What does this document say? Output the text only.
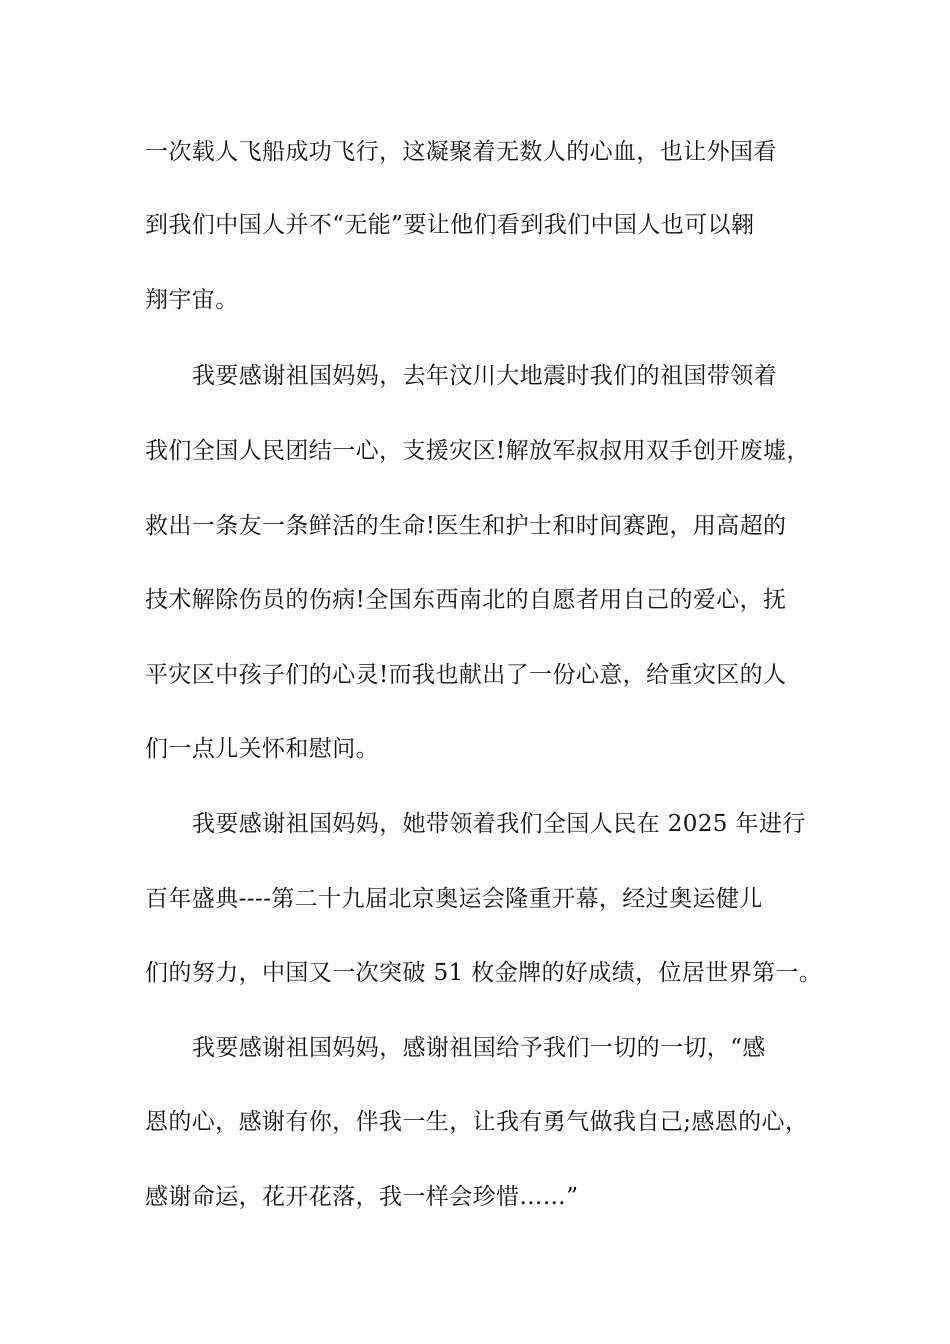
一次载人飞船成功飞行，这凝聚着无数人的心血，也让外国看
到我们中国人并不“无能”要让他们看到我们中国人也可以翱
翔宇宙。
我要感谢祖国妈妈，去年汶川大地震时我们的祖国带领着
我们全国人民团结一心，支援灾区!解放军叔叔用双手创开废墟，
救出一条友一条鲜活的生命!医生和护士和时间赛跑，用高超的
技术解除伤员的伤病!全国东西南北的自愿者用自己的爱心，抚
平灾区中孩子们的心灵!而我也献出了一份心意，给重灾区的人
们一点儿关怀和慰问。
我要感谢祖国妈妈，她带领着我们全国人民在 2025 年进行
百年盛典----第二十九届北京奥运会隆重开幕，经过奥运健儿
们的努力，中国又一次突破 51 枚金牌的好成绩，位居世界第一。
我要感谢祖国妈妈，感谢祖国给予我们一切的一切，“感
恩的心，感谢有你，伴我一生，让我有勇气做我自己;感恩的心，
感谢命运，花开花落，我一样会珍惜……”
